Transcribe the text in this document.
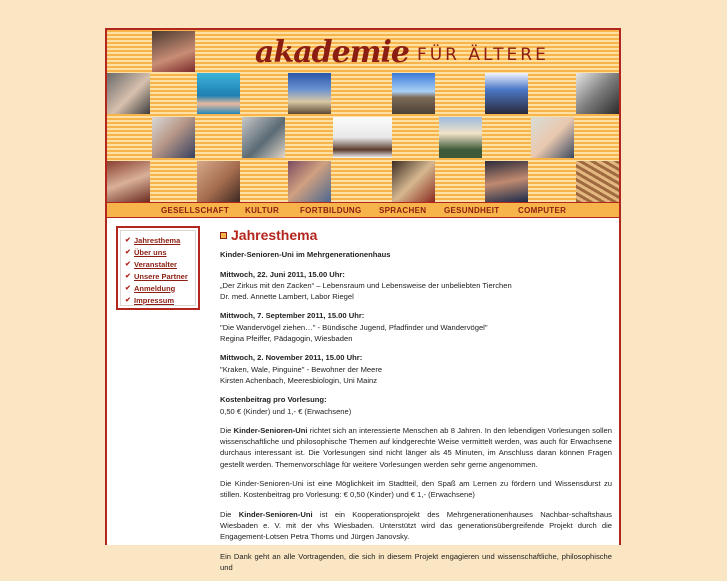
akademie FÜR ÄLTERE
GESELLSCHAFT KULTUR	FORTBILDUNG SPRACHEN GESUNDHEIT COMPUTER
✔ Jahresthema
✔ Über uns
✔ Veranstalter
✔ Unsere Partner
✔ Anmeldung
✔ Impressum
Jahresthema
Kinder-Senioren-Uni im Mehrgenerationenhaus
Mittwoch, 22. Juni 2011, 15.00 Uhr:
„Der Zirkus mit den Zacken“ – Lebensraum und Lebensweise der unbeliebten Tierchen
Dr. med. Annette Lambert, Labor Riegel
Mittwoch, 7. September 2011, 15.00 Uhr:
"Die Wandervögel ziehen…" - Bündische Jugend, Pfadfinder und Wandervögel"
Regina Pfeiffer, Pädagogin, Wiesbaden
Mittwoch, 2. November 2011, 15.00 Uhr:
"Kraken, Wale, Pinguine" - Bewohner der Meere
Kirsten Achenbach, Meeresbiologin, Uni Mainz
Kostenbeitrag pro Vorlesung:
0,50 € (Kinder) und 1,- € (Erwachsene)

Die Kinder-Senioren-Uni richtet sich an interessierte Menschen ab 8 Jahren. In den lebendigen Vorlesungen sollen wissenschaftliche und philosophische Themen auf kindgerechte Weise vermittelt werden, was auch für Erwachsene durchaus interessant ist. Die Vorlesungen sind nicht länger als 45 Minuten, im Anschluss daran können Fragen gestellt werden. Themenvorschläge für weitere Vorlesungen werden sehr gerne angenommen.

Die Kinder-Senioren-Uni ist eine Möglichkeit im Stadtteil, den Spaß am Lernen zu fördern und Wissensdurst zu stillen. Kostenbeitrag pro Vorlesung: € 0,50 (Kinder) und € 1,- (Erwachsene)

Die Kinder-Senioren-Uni ist ein Kooperationsprojekt des Mehrgenerationenhauses Nachbar-schaftshaus Wiesbaden e. V. mit der vhs Wiesbaden. Unterstützt wird das generationsübergreifende Projekt durch die Engagement-Lotsen Petra Thoms und Jürgen Janovsky.

Ein Dank geht an alle Vortragenden, die sich in diesem Projekt engagieren und wissenschaftliche, philosophische und
